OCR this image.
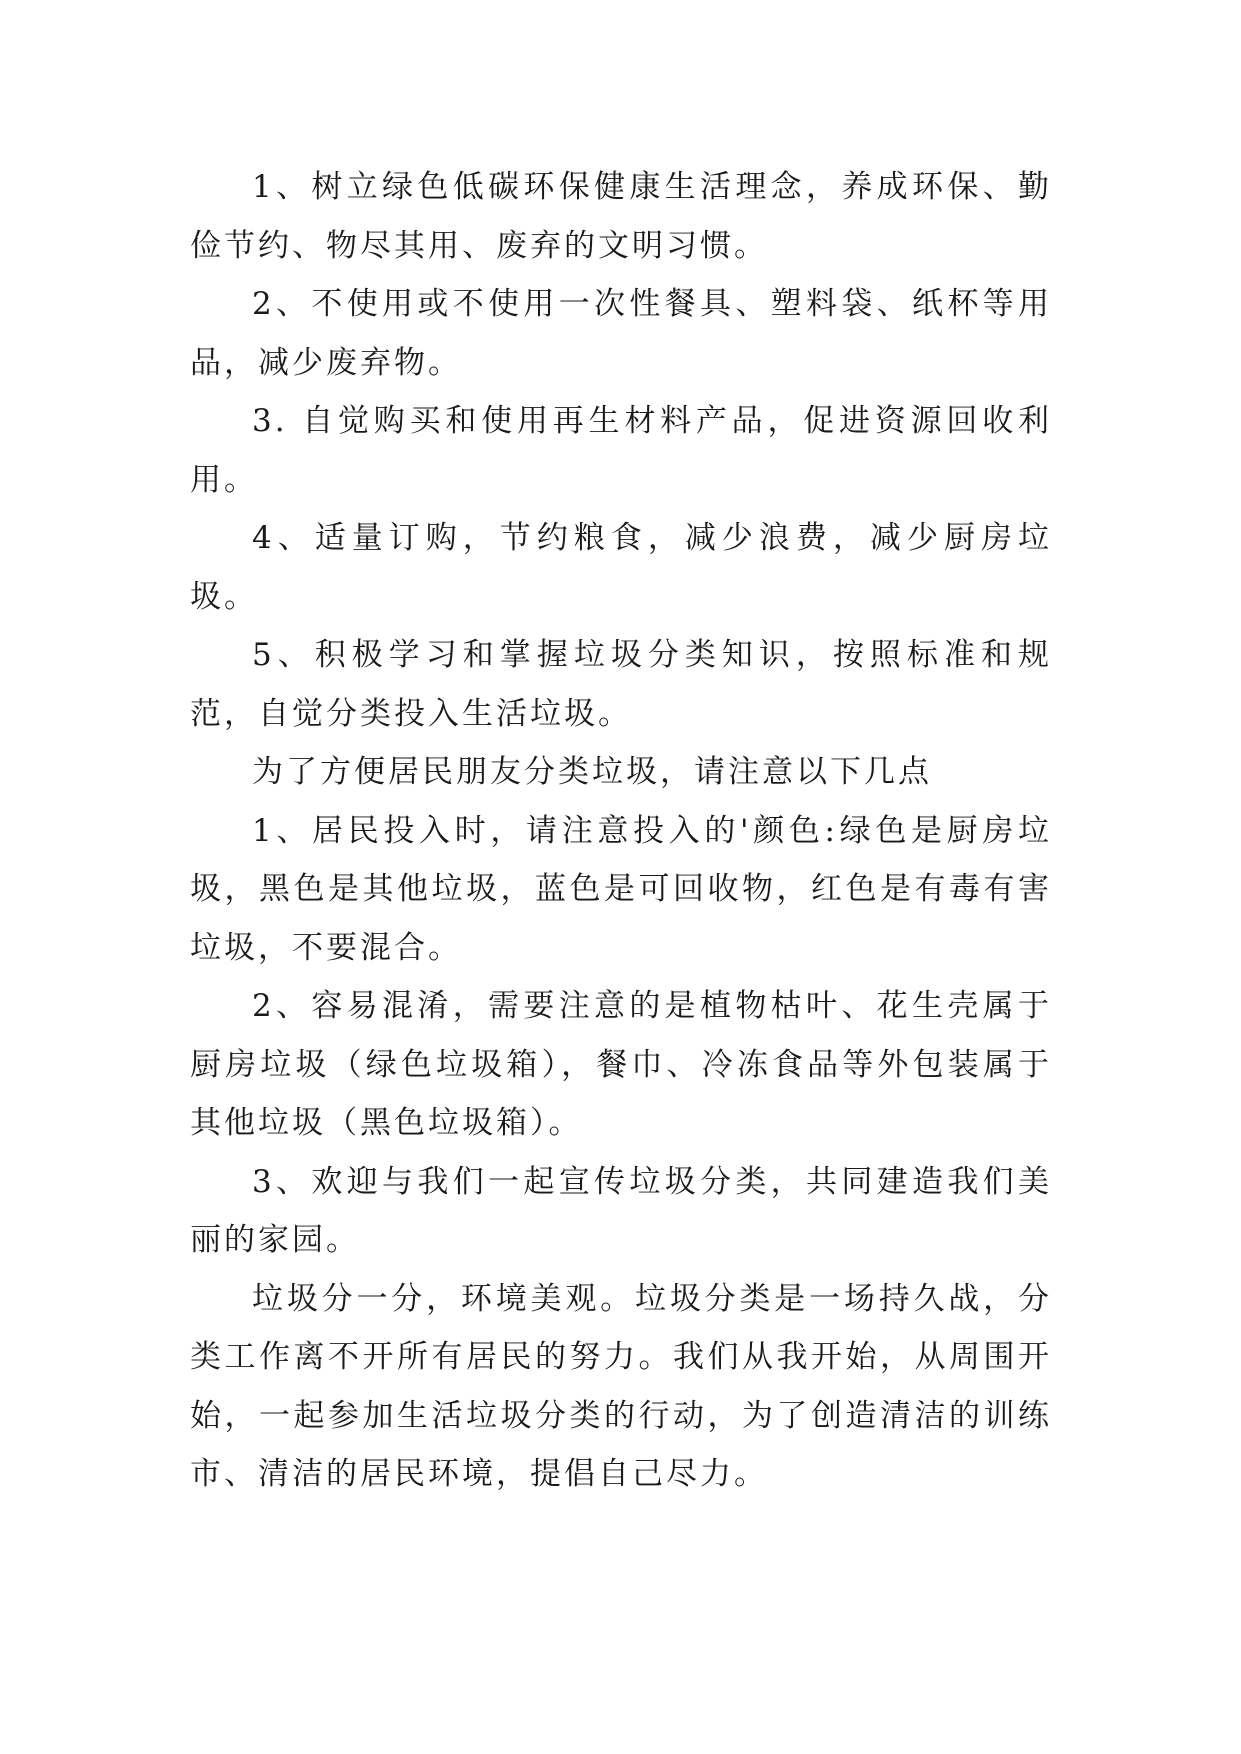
1、树立绿色低碳环保健康生活理念，养成环保、勤俭节约、物尽其用、废弃的文明习惯。

2、不使用或不使用一次性餐具、塑料袋、纸杯等用品，减少废弃物。

3. 自觉购买和使用再生材料产品，促进资源回收利用。

4、适量订购，节约粮食，减少浪费，减少厨房垃圾。

5、积极学习和掌握垃圾分类知识，按照标准和规范，自觉分类投入生活垃圾。

为了方便居民朋友分类垃圾，请注意以下几点

1、居民投入时，请注意投入的'颜色:绿色是厨房垃圾，黑色是其他垃圾，蓝色是可回收物，红色是有毒有害垃圾，不要混合。

2、容易混淆，需要注意的是植物枯叶、花生壳属于厨房垃圾（绿色垃圾箱），餐巾、冷冻食品等外包装属于其他垃圾（黑色垃圾箱）。

3、欢迎与我们一起宣传垃圾分类，共同建造我们美丽的家园。

垃圾分一分，环境美观。垃圾分类是一场持久战，分类工作离不开所有居民的努力。我们从我开始，从周围开始，一起参加生活垃圾分类的行动，为了创造清洁的训练市、清洁的居民环境，提倡自己尽力。
